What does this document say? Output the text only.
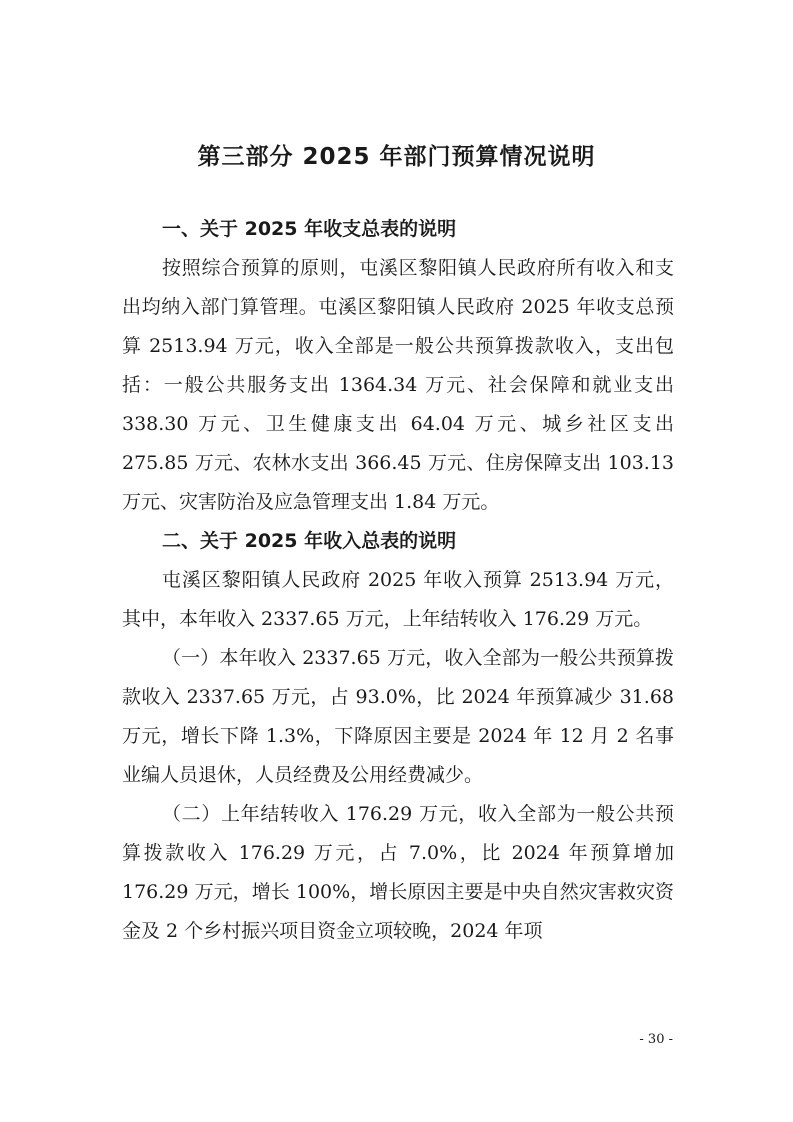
第三部分 2025 年部门预算情况说明

一、关于 2025 年收支总表的说明

按照综合预算的原则，屯溪区黎阳镇人民政府所有收入和支出均纳入部门算管理。屯溪区黎阳镇人民政府 2025 年收支总预算 2513.94 万元，收入全部是一般公共预算拨款收入，支出包括：一般公共服务支出 1364.34 万元、社会保障和就业支出 338.30 万元、卫生健康支出 64.04 万元、城乡社区支出 275.85 万元、农林水支出 366.45 万元、住房保障支出 103.13 万元、灾害防治及应急管理支出 1.84 万元。

二、关于 2025 年收入总表的说明

屯溪区黎阳镇人民政府 2025 年收入预算 2513.94 万元，其中，本年收入 2337.65 万元，上年结转收入 176.29 万元。

（一）本年收入 2337.65 万元，收入全部为一般公共预算拨款收入 2337.65 万元，占 93.0%，比 2024 年预算减少 31.68 万元，增长下降 1.3%，下降原因主要是 2024 年 12 月 2 名事业编人员退休，人员经费及公用经费减少。

（二）上年结转收入 176.29 万元，收入全部为一般公共预算拨款收入 176.29 万元，占 7.0%，比 2024 年预算增加 176.29 万元，增长 100%，增长原因主要是中央自然灾害救灾资金及 2 个乡村振兴项目资金立项较晚，2024 年项

- 30 -
